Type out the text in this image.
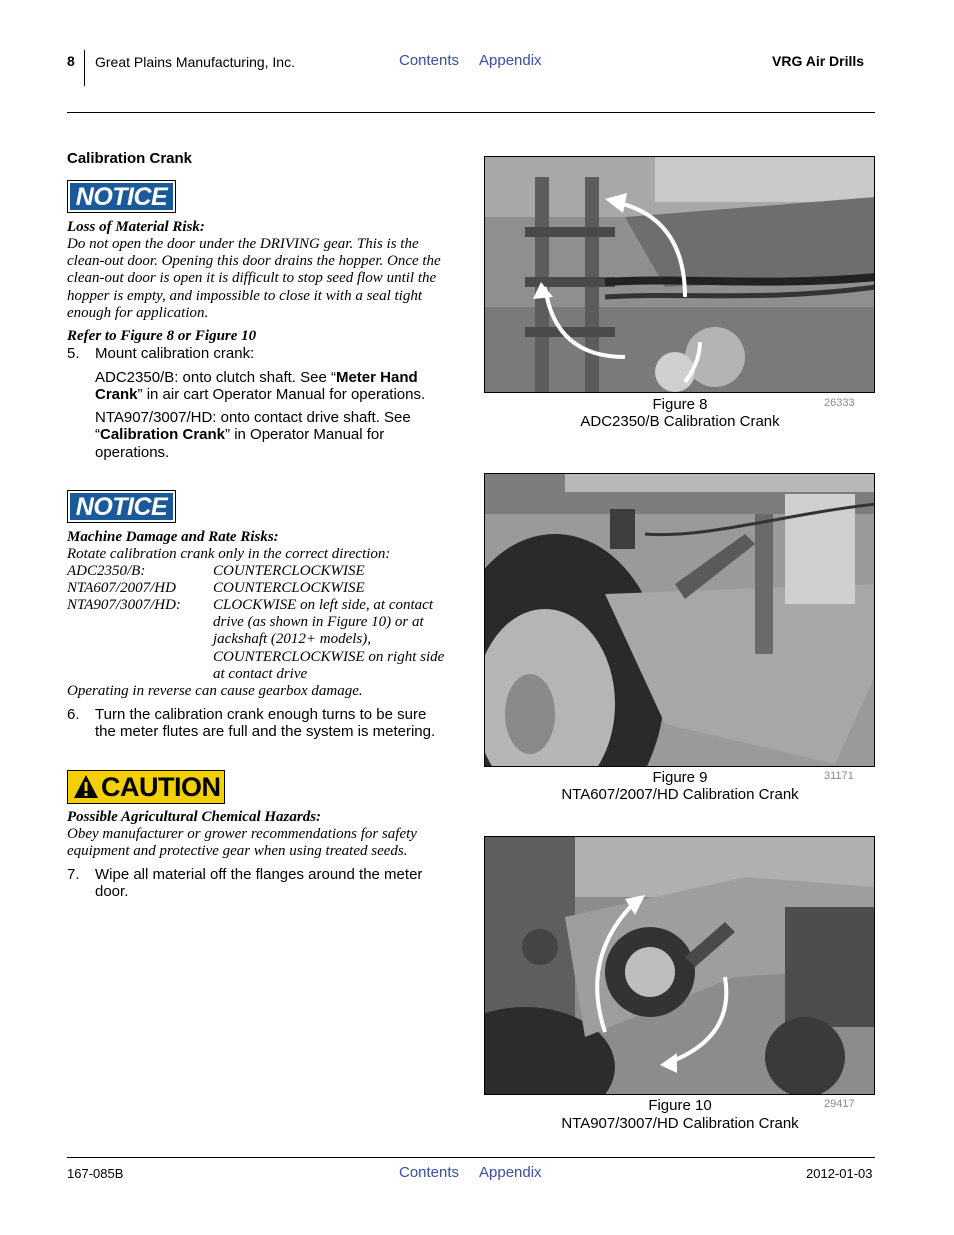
8 Great Plains Manufacturing, Inc.	Contents Appendix	VRG Air Drills
Calibration Crank
NOTICE
Loss of Material Risk:
Do not open the door under the DRIVING gear. This is the
clean-out door. Opening this door drains the hopper. Once the
clean-out door is open it is difficult to stop seed flow until the
hopper is empty, and impossible to close it with a seal tight
enough for application.
Refer to Figure 8 or Figure 10
5. Mount calibration crank:
ADC2350/B: onto clutch shaft. See “Meter Hand
Crank” in air cart Operator Manual for operations.
NTA907/3007/HD: onto contact drive shaft. See
“Calibration Crank” in Operator Manual for
operations.
NOTICE
Machine Damage and Rate Risks:
Rotate calibration crank only in the correct direction:
ADC2350/B:	COUNTERCLOCKWISE
NTA607/2007/HD COUNTERCLOCKWISE
NTA907/3007/HD: CLOCKWISE on left side, at contact
drive (as shown in Figure 10) or at
jackshaft (2012+ models),
COUNTERCLOCKWISE on right side
at contact drive
Operating in reverse can cause gearbox damage.
6. Turn the calibration crank enough turns to be sure
the meter flutes are full and the system is metering.
CAUTION
Possible Agricultural Chemical Hazards:
Obey manufacturer or grower recommendations for safety
equipment and protective gear when using treated seeds.
7. Wipe all material off the flanges around the meter
door.
Figure 8
ADC2350/B Calibration Crank
26333
Figure 9
NTA607/2007/HD Calibration Crank
31171
Figure 10
NTA907/3007/HD Calibration Crank
29417
167-085B	Contents Appendix	2012-01-03
